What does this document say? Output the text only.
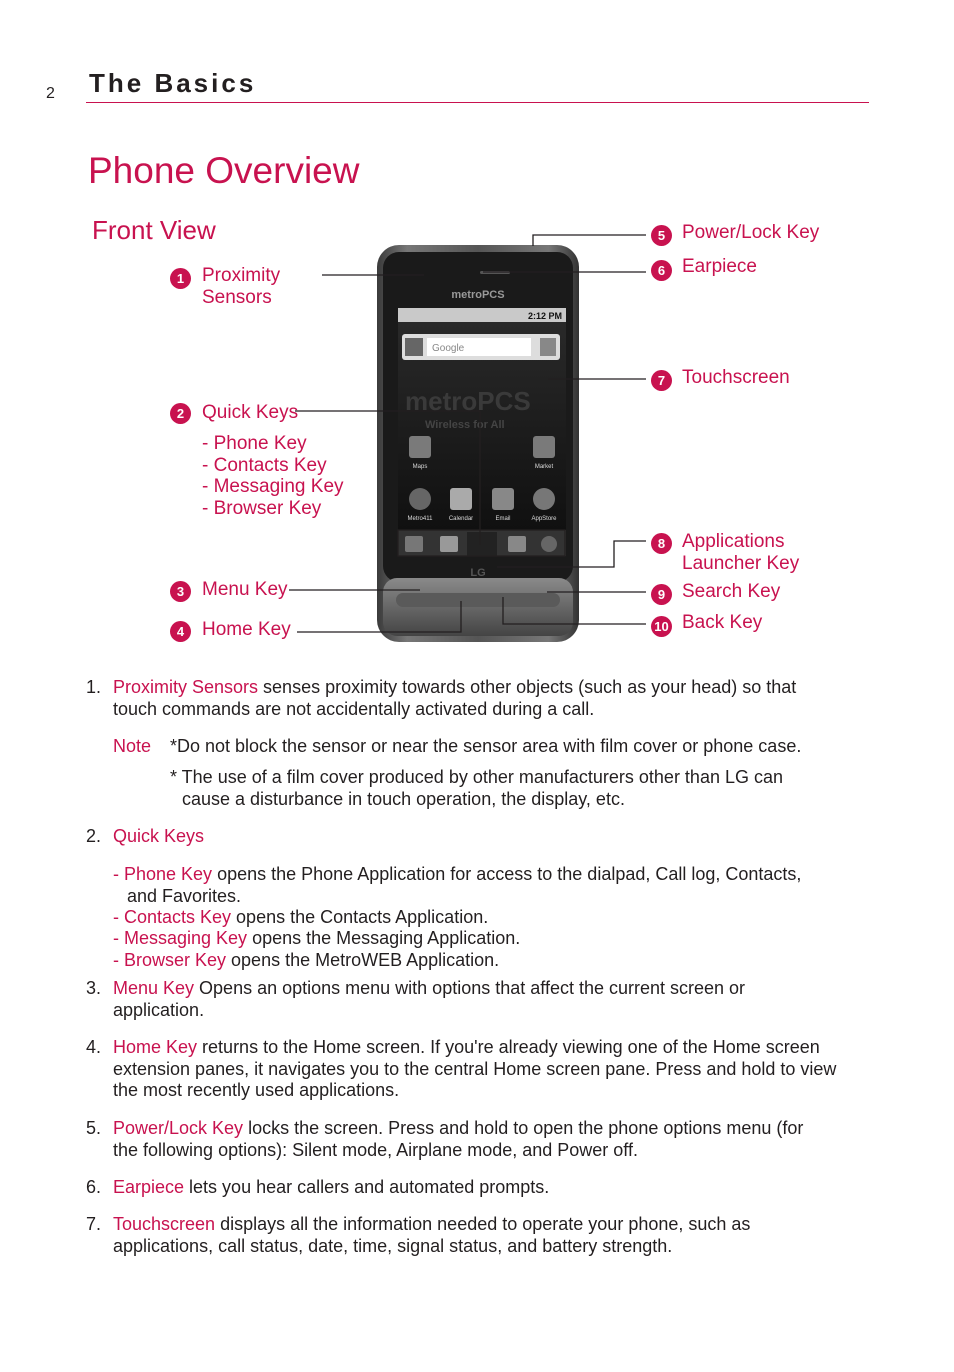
2 The Basics
Phone Overview
Front View
metroPCS
2:12 PM
Google
metroPCS
Wireless for All
Maps	Market
Metro411	Calendar	Email	AppStore
LG
1 Proximity
Sensors
2 Quick Keys
- Phone Key
- Contacts Key
- Messaging Key
- Browser Key
3 Menu Key
4 Home Key
5 Power/Lock Key
6 Earpiece
7 Touchscreen
8 Applications
Launcher Key
9 Search Key
10 Back Key
1. Proximity Sensors senses proximity towards other objects (such as your head) so that
touch commands are not accidentally activated during a call.
Note *Do not block the sensor or near the sensor area with film cover or phone case.
* The use of a film cover produced by other manufacturers other than LG can
cause a disturbance in touch operation, the display, etc.
2. Quick Keys
- Phone Key opens the Phone Application for access to the dialpad, Call log, Contacts,
and Favorites.
- Contacts Key opens the Contacts Application.
- Messaging Key opens the Messaging Application.
- Browser Key opens the MetroWEB Application.
3. Menu Key Opens an options menu with options that affect the current screen or
application.
4. Home Key returns to the Home screen. If you're already viewing one of the Home screen
extension panes, it navigates you to the central Home screen pane. Press and hold to view
the most recently used applications.
5. Power/Lock Key locks the screen. Press and hold to open the phone options menu (for
the following options): Silent mode, Airplane mode, and Power off.
6. Earpiece lets you hear callers and automated prompts.
7. Touchscreen displays all the information needed to operate your phone, such as
applications, call status, date, time, signal status, and battery strength.
